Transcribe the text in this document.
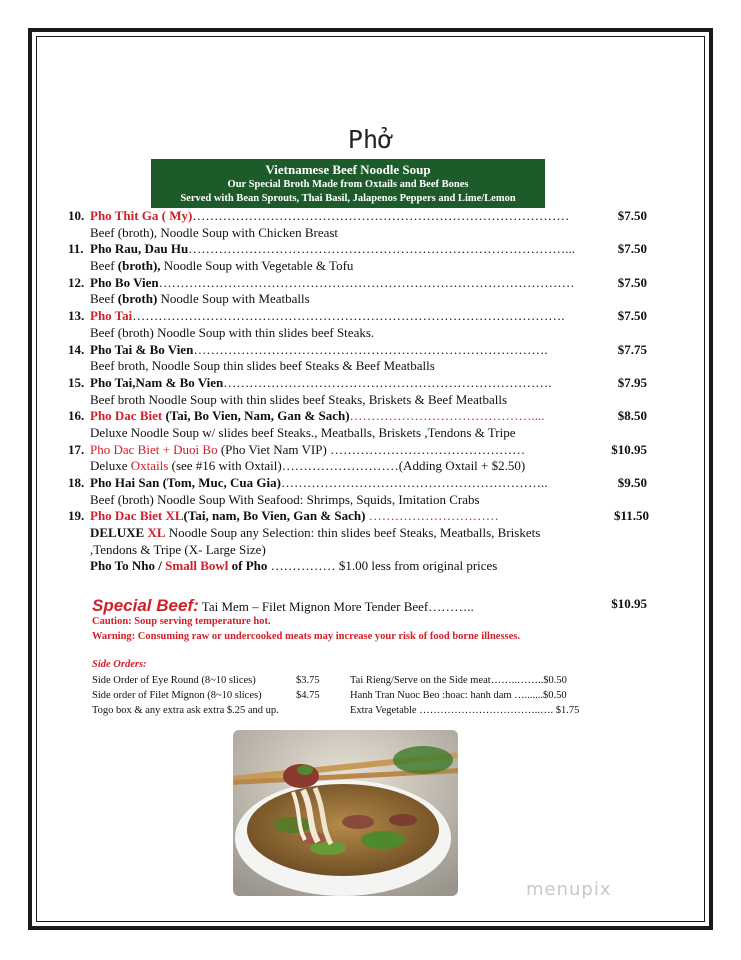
Phở
Vietnamese Beef Noodle Soup
Our Special Broth Made from Oxtails and Beef Bones
Served with Bean Sprouts, Thai Basil, Jalapenos Peppers and Lime/Lemon
10. Pho Thit Ga ( My)……………………………………………………………………………	$7.50
Beef (broth), Noodle Soup with Chicken Breast
11. Pho Rau, Dau Hu……………………………………………………………………………...	$7.50
Beef (broth), Noodle Soup with Vegetable & Tofu
12. Pho Bo Vien……………………………………………………………………………………	$7.50
Beef (broth) Noodle Soup with Meatballs
13. Pho Tai……………………………………………………………………………………….	$7.50
Beef (broth) Noodle Soup with thin slides beef Steaks.
14. Pho Tai & Bo Vien……………………………………………………………………….	$7.75
Beef broth, Noodle Soup thin slides beef Steaks & Beef Meatballs
15. Pho Tai,Nam & Bo Vien………………………………………………………………….	$7.95
Beef broth Noodle Soup with thin slides beef Steaks, Briskets & Beef Meatballs
16. Pho Dac Biet (Tai, Bo Vien, Nam, Gan & Sach)……………………………………....	$8.50
Deluxe Noodle Soup w/ slides beef Steaks., Meatballs, Briskets ,Tendons & Tripe
17. Pho Dac Biet + Duoi Bo (Pho Viet Nam VIP) ………………………………………	$10.95
Deluxe Oxtails (see #16 with Oxtail)………………………(Adding Oxtail + $2.50)
18. Pho Hai San (Tom, Muc, Cua Gia)……………………………………………………..	$9.50
Beef (broth) Noodle Soup With Seafood: Shrimps, Squids, Imitation Crabs
19. Pho Dac Biet XL(Tai, nam, Bo Vien, Gan & Sach) …………………………	$11.50
DELUXE XL Noodle Soup any Selection: thin slides beef Steaks, Meatballs, Briskets
,Tendons & Tripe (X- Large Size)
Pho To Nho / Small Bowl of Pho …………… $1.00 less from original prices
Special Beef: Tai Mem – Filet Mignon More Tender Beef………..	$10.95
Caution: Soup serving temperature hot.
Warning: Consuming raw or undercooked meats may increase your risk of food borne illnesses.
Side Orders:
Side Order of Eye Round (8~10 slices)	$3.75
Side order of Filet Mignon (8~10 slices)	$4.75
Togo box & any extra ask extra $.25 and up.
Tai Rieng/Serve on the Side meat……..……..$0.50
Hanh Tran Nuoc Beo :hoac: hanh dam ….......$0.50
Extra Vegetable ……………………………..…. $1.75
menupix
